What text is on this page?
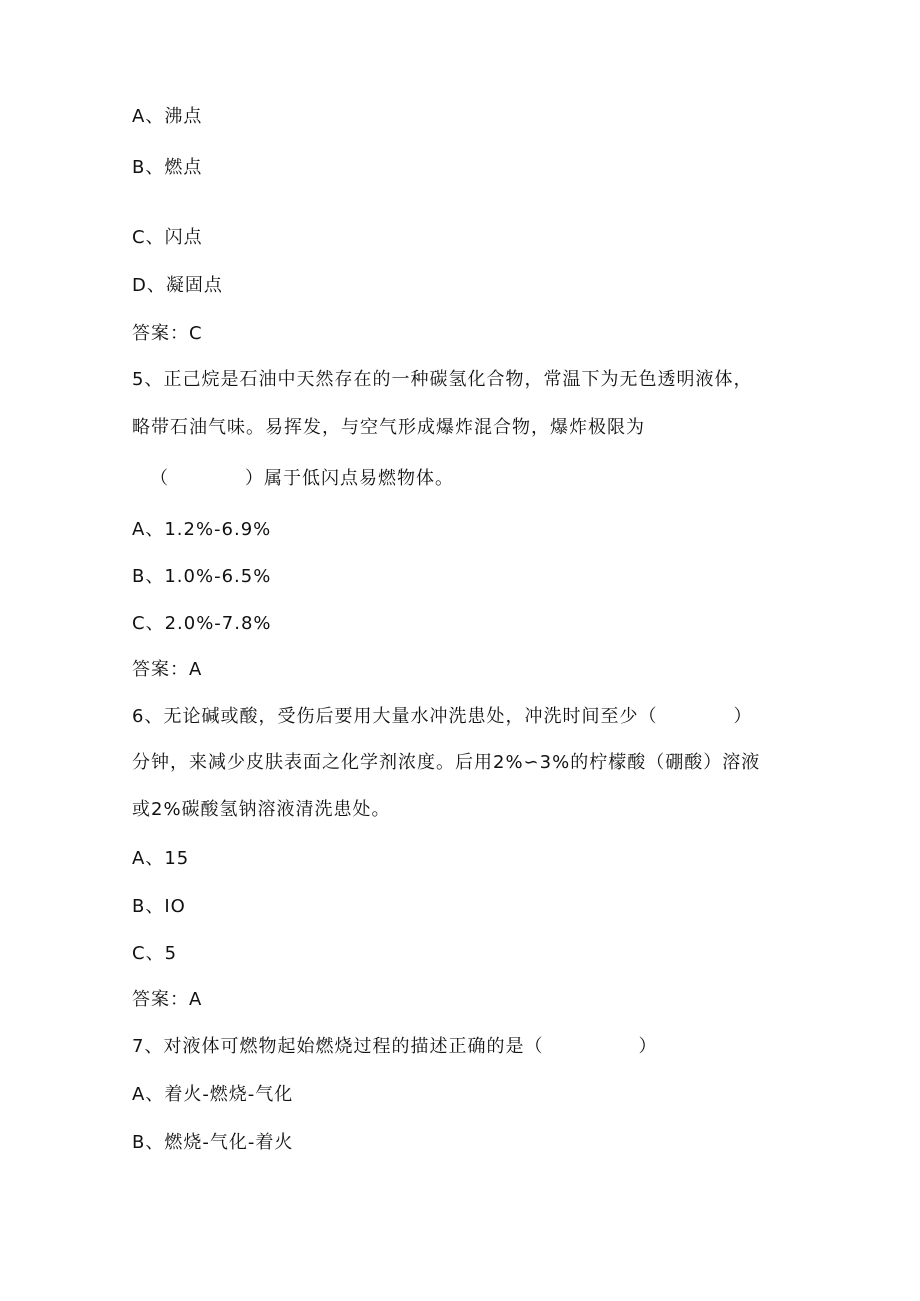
A、沸点
B、燃点
C、闪点
D、凝固点
答案：C
5、正己烷是石油中天然存在的一种碳氢化合物，常温下为无色透明液体，
略带石油气味。易挥发，与空气形成爆炸混合物，爆炸极限为
（　　　　）属于低闪点易燃物体。
A、1.2%-6.9%
B、1.0%-6.5%
C、2.0%-7.8%
答案：A
6、无论碱或酸，受伤后要用大量水冲洗患处，冲洗时间至少（　　　　）
分钟，来减少皮肤表面之化学剂浓度。后用2%∽3%的柠檬酸（硼酸）溶液
或2%碳酸氢钠溶液清洗患处。
A、15
B、IO
C、5
答案：A
7、对液体可燃物起始燃烧过程的描述正确的是（　　　　　）
A、着火-燃烧-气化
B、燃烧-气化-着火
